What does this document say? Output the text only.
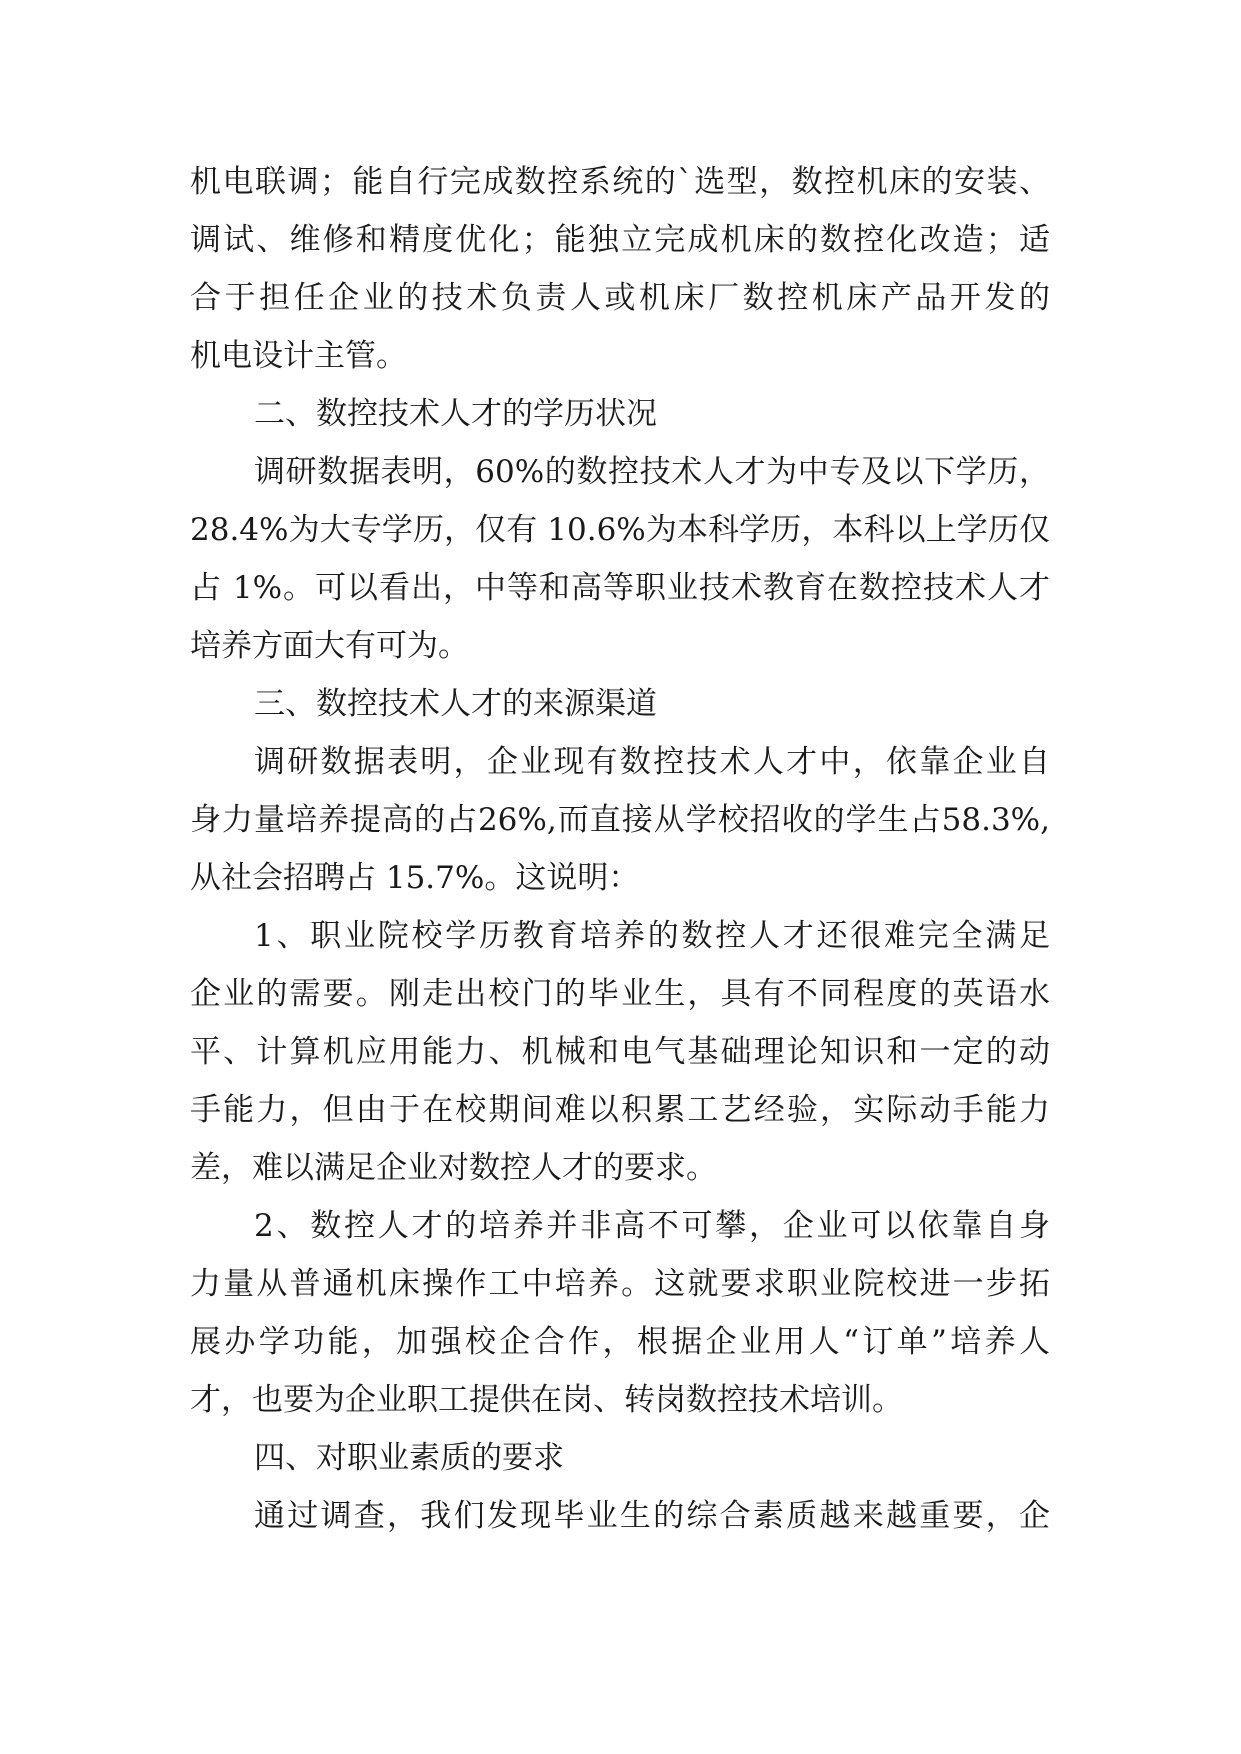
机电联调；能自行完成数控系统的`选型，数控机床的安装、
调试、维修和精度优化；能独立完成机床的数控化改造；适
合于担任企业的技术负责人或机床厂数控机床产品开发的
机电设计主管。
二、数控技术人才的学历状况
调研数据表明，60%的数控技术人才为中专及以下学历，
28.4%为大专学历，仅有 10.6%为本科学历，本科以上学历仅
占 1%。可以看出，中等和高等职业技术教育在数控技术人才
培养方面大有可为。
三、数控技术人才的来源渠道
调研数据表明，企业现有数控技术人才中，依靠企业自
身力量培养提高的占26%,而直接从学校招收的学生占58.3%,
从社会招聘占 15.7%。这说明：
1、职业院校学历教育培养的数控人才还很难完全满足
企业的需要。刚走出校门的毕业生，具有不同程度的英语水
平、计算机应用能力、机械和电气基础理论知识和一定的动
手能力，但由于在校期间难以积累工艺经验，实际动手能力
差，难以满足企业对数控人才的要求。
2、数控人才的培养并非高不可攀，企业可以依靠自身
力量从普通机床操作工中培养。这就要求职业院校进一步拓
展办学功能，加强校企合作，根据企业用人“订单”培养人
才，也要为企业职工提供在岗、转岗数控技术培训。
四、对职业素质的要求
通过调查，我们发现毕业生的综合素质越来越重要，企
